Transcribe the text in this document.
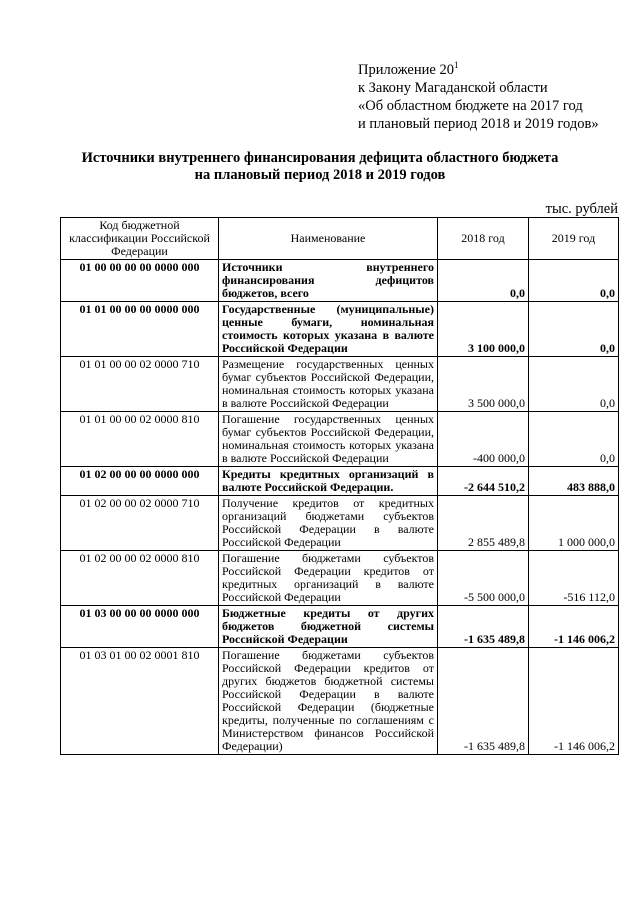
Приложение $20^1$
к Закону Магаданской области
«Об областном бюджете на 2017 год
и плановый период 2018 и 2019 годов»
Источники внутреннего финансирования дефицита областного бюджета
на плановый период 2018 и 2019 годов
тыс. рублей
Код бюджетной классификации Российской Федерации	Наименование	2018 год	2019 год
01 00 00 00 00 0000 000	Источники внутреннего финансирования дефицитов бюджетов, всего	0,0	0,0
01 01 00 00 00 0000 000	Государственные (муниципальные) ценные бумаги, номинальная стоимость которых указана в валюте Российской Федерации	3 100 000,0	0,0
01 01 00 00 02 0000 710	Размещение государственных ценных бумаг субъектов Российской Федерации, номинальная стоимость которых указана в валюте Российской Федерации	3 500 000,0	0,0
01 01 00 00 02 0000 810	Погашение государственных ценных бумаг субъектов Российской Федерации, номинальная стоимость которых указана в валюте Российской Федерации	-400 000,0	0,0
01 02 00 00 00 0000 000	Кредиты кредитных организаций в валюте Российской Федерации.	-2 644 510,2	483 888,0
01 02 00 00 02 0000 710	Получение кредитов от кредитных организаций бюджетами субъектов Российской Федерации в валюте Российской Федерации	2 855 489,8	1 000 000,0
01 02 00 00 02 0000 810	Погашение бюджетами субъектов Российской Федерации кредитов от кредитных организаций в валюте Российской Федерации	-5 500 000,0	-516 112,0
01 03 00 00 00 0000 000	Бюджетные кредиты от других бюджетов бюджетной системы Российской Федерации	-1 635 489,8	-1 146 006,2
01 03 01 00 02 0001 810	Погашение бюджетами субъектов Российской Федерации кредитов от других бюджетов бюджетной системы Российской Федерации в валюте Российской Федерации (бюджетные кредиты, полученные по соглашениям с Министерством финансов Российской Федерации)	-1 635 489,8	-1 146 006,2
